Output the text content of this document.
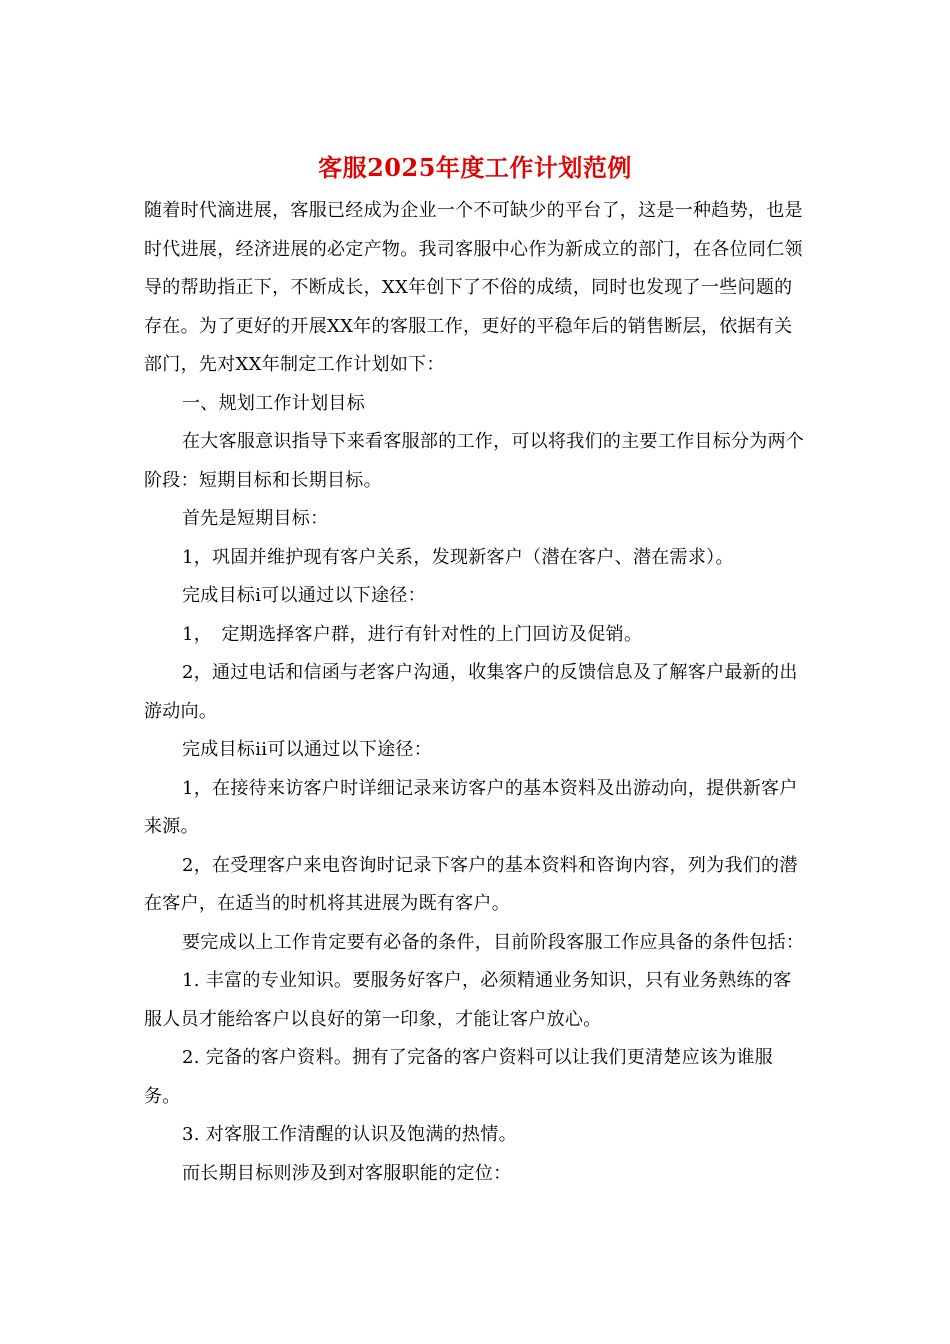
客服2025年度工作计划范例

随着时代滴进展，客服已经成为企业一个不可缺少的平台了，这是一种趋势，也是时代进展，经济进展的必定产物。我司客服中心作为新成立的部门，在各位同仁领导的帮助指正下，不断成长，XX年创下了不俗的成绩，同时也发现了一些问题的存在。为了更好的开展XX年的客服工作，更好的平稳年后的销售断层，依据有关部门，先对XX年制定工作计划如下：

一、规划工作计划目标

在大客服意识指导下来看客服部的工作，可以将我们的主要工作目标分为两个阶段：短期目标和长期目标。

首先是短期目标：

1，巩固并维护现有客户关系，发现新客户（潜在客户、潜在需求）。

完成目标i可以通过以下途径：

1，　定期选择客户群，进行有针对性的上门回访及促销。

2，通过电话和信函与老客户沟通，收集客户的反馈信息及了解客户最新的出游动向。

完成目标ii可以通过以下途径：

1，在接待来访客户时详细记录来访客户的基本资料及出游动向，提供新客户来源。

2，在受理客户来电咨询时记录下客户的基本资料和咨询内容，列为我们的潜在客户，在适当的时机将其进展为既有客户。

要完成以上工作肯定要有必备的条件，目前阶段客服工作应具备的条件包括：

1. 丰富的专业知识。要服务好客户，必须精通业务知识，只有业务熟练的客服人员才能给客户以良好的第一印象，才能让客户放心。

2. 完备的客户资料。拥有了完备的客户资料可以让我们更清楚应该为谁服务。

3. 对客服工作清醒的认识及饱满的热情。

而长期目标则涉及到对客服职能的定位：
